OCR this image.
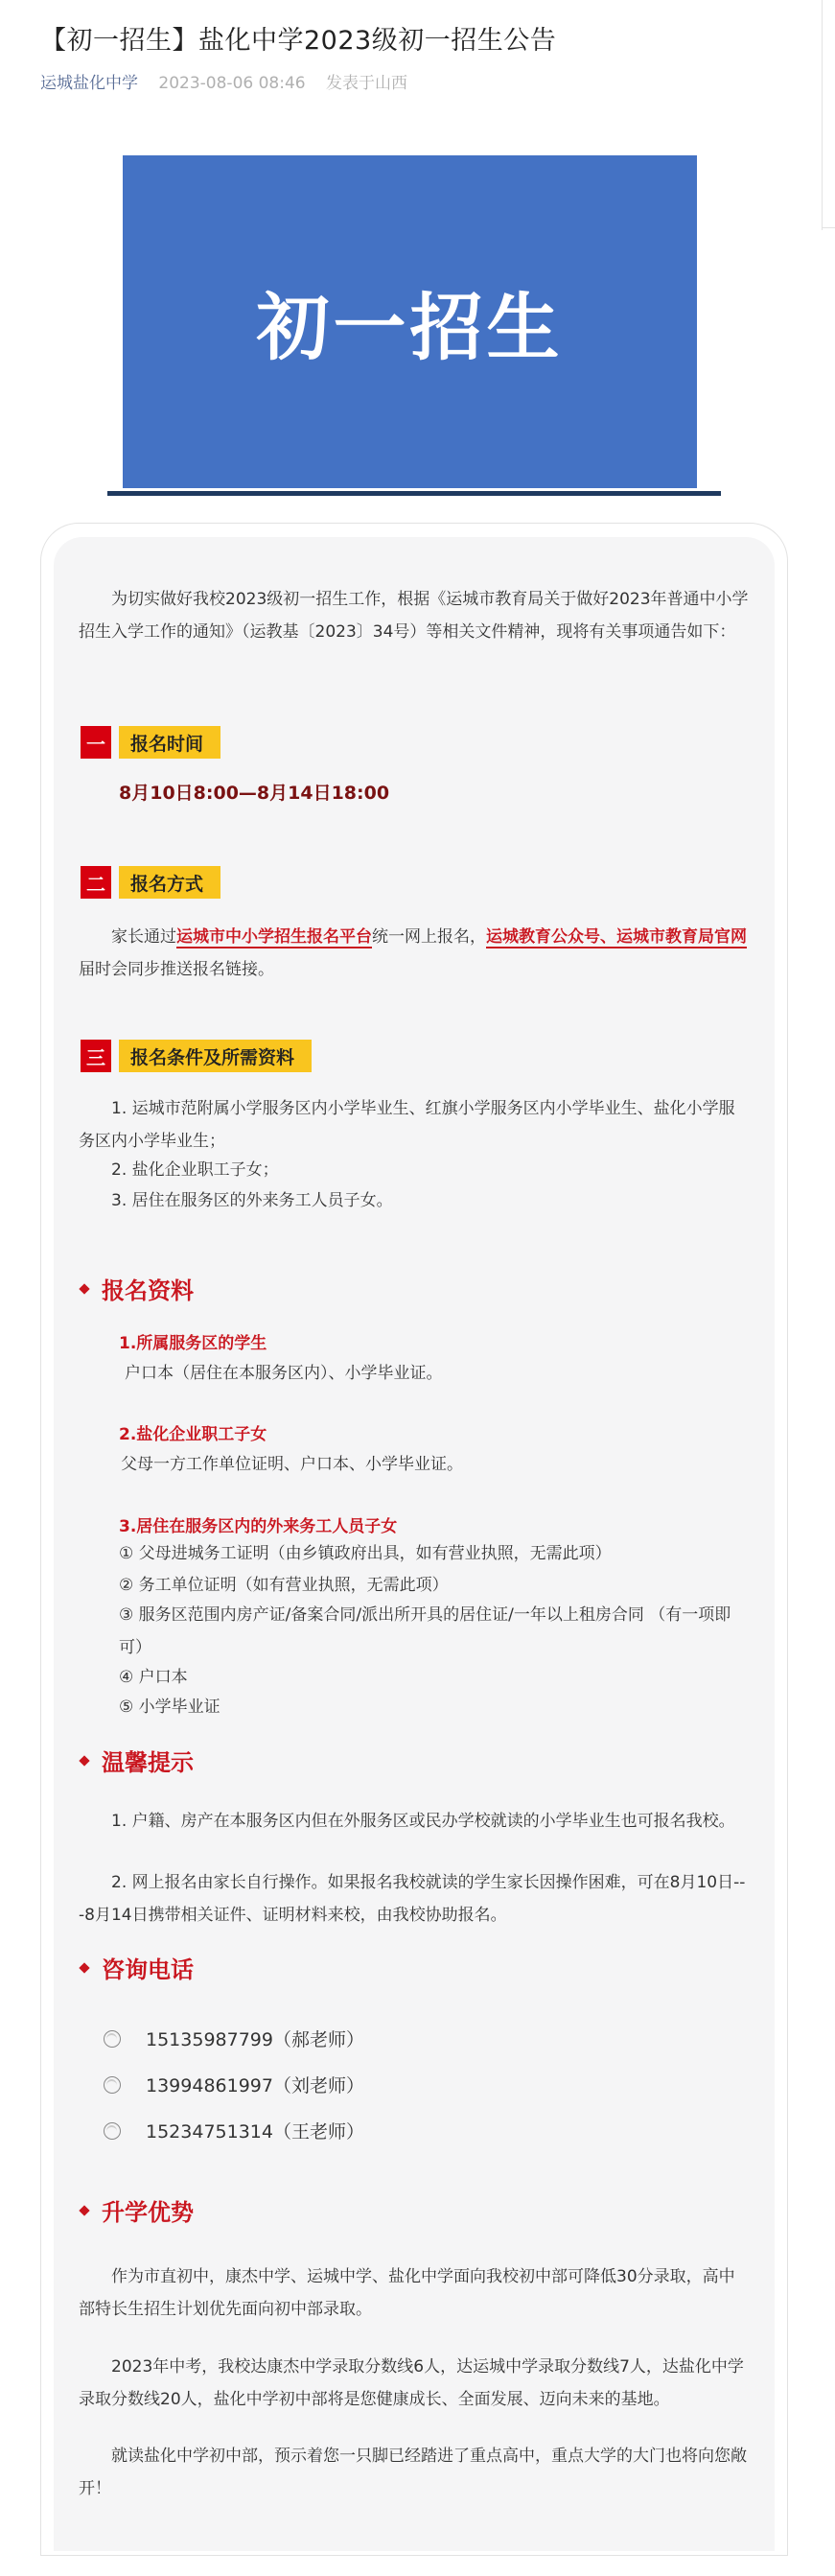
【初一招生】盐化中学2023级初一招生公告
运城盐化中学 2023-08-06 08:46 发表于山西
初一招生
为切实做好我校2023级初一招生工作，根据《运城市教育局关于做好2023年普通中小学招生入学工作的通知》（运教基〔2023〕34号）等相关文件精神，现将有关事项通告如下：
一	报名时间
8月10日8:00—8月14日18:00
二	报名方式
家长通过运城市中小学招生报名平台统一网上报名，运城教育公众号、运城市教育局官网届时会同步推送报名链接。
三	报名条件及所需资料
1. 运城市范附属小学服务区内小学毕业生、红旗小学服务区内小学毕业生、盐化小学服务区内小学毕业生；
2. 盐化企业职工子女；
3. 居住在服务区的外来务工人员子女。
报名资料
1.所属服务区的学生
户口本（居住在本服务区内）、小学毕业证。
2.盐化企业职工子女
父母一方工作单位证明、户口本、小学毕业证。
3.居住在服务区内的外来务工人员子女
① 父母进城务工证明（由乡镇政府出具，如有营业执照，无需此项）
② 务工单位证明（如有营业执照，无需此项）
③ 服务区范围内房产证/备案合同/派出所开具的居住证/一年以上租房合同 （有一项即可）
④ 户口本
⑤ 小学毕业证
温馨提示
1. 户籍、房产在本服务区内但在外服务区或民办学校就读的小学毕业生也可报名我校。
2. 网上报名由家长自行操作。如果报名我校就读的学生家长因操作困难，可在8月10日---8月14日携带相关证件、证明材料来校，由我校协助报名。
咨询电话
15135987799（郝老师）
13994861997（刘老师）
15234751314（王老师）
升学优势
作为市直初中，康杰中学、运城中学、盐化中学面向我校初中部可降低30分录取，高中部特长生招生计划优先面向初中部录取。
2023年中考，我校达康杰中学录取分数线6人，达运城中学录取分数线7人，达盐化中学录取分数线20人，盐化中学初中部将是您健康成长、全面发展、迈向未来的基地。
就读盐化中学初中部，预示着您一只脚已经踏进了重点高中，重点大学的大门也将向您敞开！
